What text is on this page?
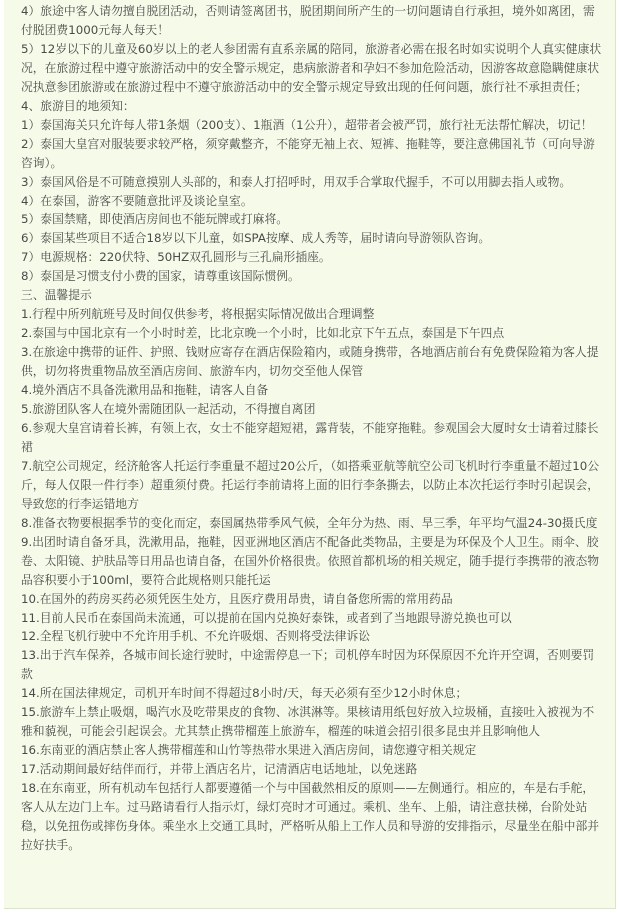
4）旅途中客人请勿擅自脱团活动，否则请签离团书，脱团期间所产生的一切问题请自行承担，境外如离团，需付脱团费1000元每人每天！

5）12岁以下的儿童及60岁以上的老人参团需有直系亲属的陪同，旅游者必需在报名时如实说明个人真实健康状况，在旅游过程中遵守旅游活动中的安全警示规定，患病旅游者和孕妇不参加危险活动，因游客故意隐瞒健康状况执意参团旅游或在旅游过程中不遵守旅游活动中的安全警示规定导致出现的任何问题，旅行社不承担责任；

4、旅游目的地须知：

1）泰国海关只允许每人带1条烟（200支）、1瓶酒（1公升），超带者会被严罚，旅行社无法帮忙解决，切记！

2）泰国大皇宫对服装要求较严格，须穿戴整齐，不能穿无袖上衣、短裤、拖鞋等，要注意佛国礼节（可向导游咨询）。

3）泰国风俗是不可随意摸别人头部的，和泰人打招呼时，用双手合掌取代握手，不可以用脚去指人或物。

4）在泰国，游客不要随意批评及谈论皇室。

5）泰国禁赌，即使酒店房间也不能玩牌或打麻将。

6）泰国某些项目不适合18岁以下儿童，如SPA按摩、成人秀等，届时请向导游领队咨询。

7）电源规格：220伏特、50HZ双孔圆形与三孔扁形插座。

8）泰国是习惯支付小费的国家，请尊重该国际惯例。

三、温馨提示

1.行程中所列航班号及时间仅供参考，将根据实际情况做出合理调整

2.泰国与中国北京有一个小时时差，比北京晚一个小时，比如北京下午五点，泰国是下午四点

3.在旅途中携带的证件、护照、钱财应寄存在酒店保险箱内，或随身携带，各地酒店前台有免费保险箱为客人提供，切勿将贵重物品放至酒店房间、旅游车内，切勿交至他人保管

4.境外酒店不具备洗漱用品和拖鞋，请客人自备

5.旅游团队客人在境外需随团队一起活动，不得擅自离团

6.参观大皇宫请着长裤，有领上衣，女士不能穿超短裙，露背装，不能穿拖鞋。参观国会大厦时女士请着过膝长裙

7.航空公司规定，经济舱客人托运行李重量不超过20公斤，（如搭乘亚航等航空公司飞机时行李重量不超过10公斤，每人仅限一件行李）超重须付费。托运行李前请将上面的旧行李条撕去，以防止本次托运行李时引起误会，导致您的行李运错地方

8.准备衣物要根据季节的变化而定，泰国属热带季风气候，全年分为热、雨、旱三季，年平均气温24-30摄氏度

9.出团时请自备牙具，洗漱用品，拖鞋，因亚洲地区酒店不配备此类物品，主要是为环保及个人卫生。雨伞、胶卷、太阳镜、护肤品等日用品也请自备，在国外价格很贵。依照首都机场的相关规定，随手提行李携带的液态物品容积要小于100ml，要符合此规格则只能托运

10.在国外的药房买药必须凭医生处方，且医疗费用昂贵，请自备您所需的常用药品

11.目前人民币在泰国尚未流通，可以提前在国内兑换好泰铢，或者到了当地跟导游兑换也可以

12.全程飞机行驶中不允许用手机、不允许吸烟、否则将受法律诉讼

13.出于汽车保养，各城市间长途行驶时，中途需停息一下；司机停车时因为环保原因不允许开空调，否则要罚款

14.所在国法律规定，司机开车时间不得超过8小时/天，每天必须有至少12小时休息；

15.旅游车上禁止吸烟，喝汽水及吃带果皮的食物、冰淇淋等。果核请用纸包好放入垃圾桶，直接吐入被视为不雅和藐视，可能会引起误会。尤其禁止携带榴莲上旅游车，榴莲的味道会招引很多昆虫并且影响他人

16.东南亚的酒店禁止客人携带榴莲和山竹等热带水果进入酒店房间，请您遵守相关规定

17.活动期间最好结伴而行，并带上酒店名片，记清酒店电话地址，以免迷路

18.在东南亚，所有机动车包括行人都要遵循一个与中国截然相反的原则——左侧通行。相应的，车是右手舵，客人从左边门上车。过马路请看行人指示灯，绿灯亮时才可通过。乘机、坐车、上船，请注意扶梯，台阶处站稳，以免扭伤或摔伤身体。乘坐水上交通工具时，严格听从船上工作人员和导游的安排指示，尽量坐在船中部并拉好扶手。
